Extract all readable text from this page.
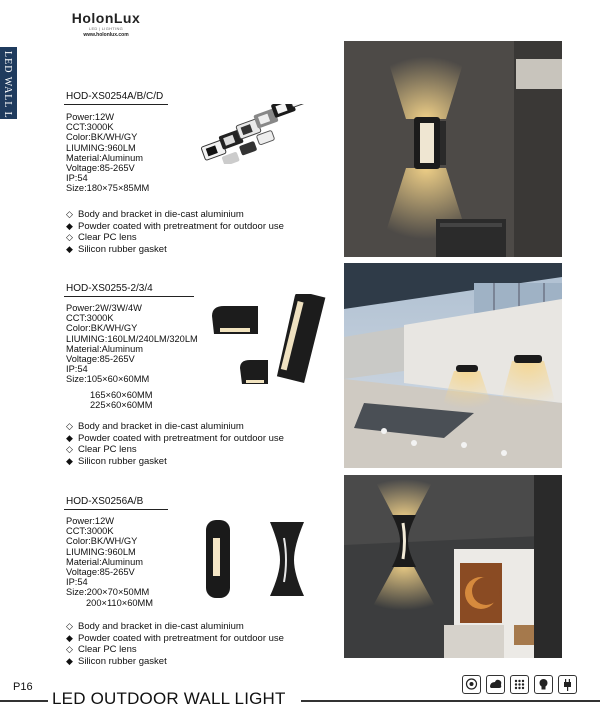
HolonLux
LED | LIGHTING
www.holonlux.com
LED WALL LIT	HOD-XS0254A/B/C/D
Power:12W
CCT:3000K
Color:BK/WH/GY
LIUMING:960LM
Material:Aluminum
Voltage:85-265V
IP:54
Size:180×75×85MM
◇ Body and bracket in die-cast aluminium
◆ Powder coated with pretreatment for outdoor use
◇ Clear PC lens
◆ Silicon rubber gasket
HOD-XS0255-2/3/4
Power:2W/3W/4W
CCT:3000K
Color:BK/WH/GY
LIUMING:160LM/240LM/320LM
Material:Aluminum
Voltage:85-265V
IP:54
Size:105×60×60MM
165×60×60MM
225×60×60MM
◇ Body and bracket in die-cast aluminium
◆ Powder coated with pretreatment for outdoor use
◇ Clear PC lens
◆ Silicon rubber gasket
HOD-XS0256A/B
Power:12W
CCT:3000K
Color:BK/WH/GY
LIUMING:960LM
Material:Aluminum
Voltage:85-265V
IP:54
Size:200×70×50MM
200×110×60MM
◇ Body and bracket in die-cast aluminium
◆ Powder coated with pretreatment for outdoor use
◇ Clear PC lens
◆ Silicon rubber gasket
P16
LED OUTDOOR WALL LIGHT
